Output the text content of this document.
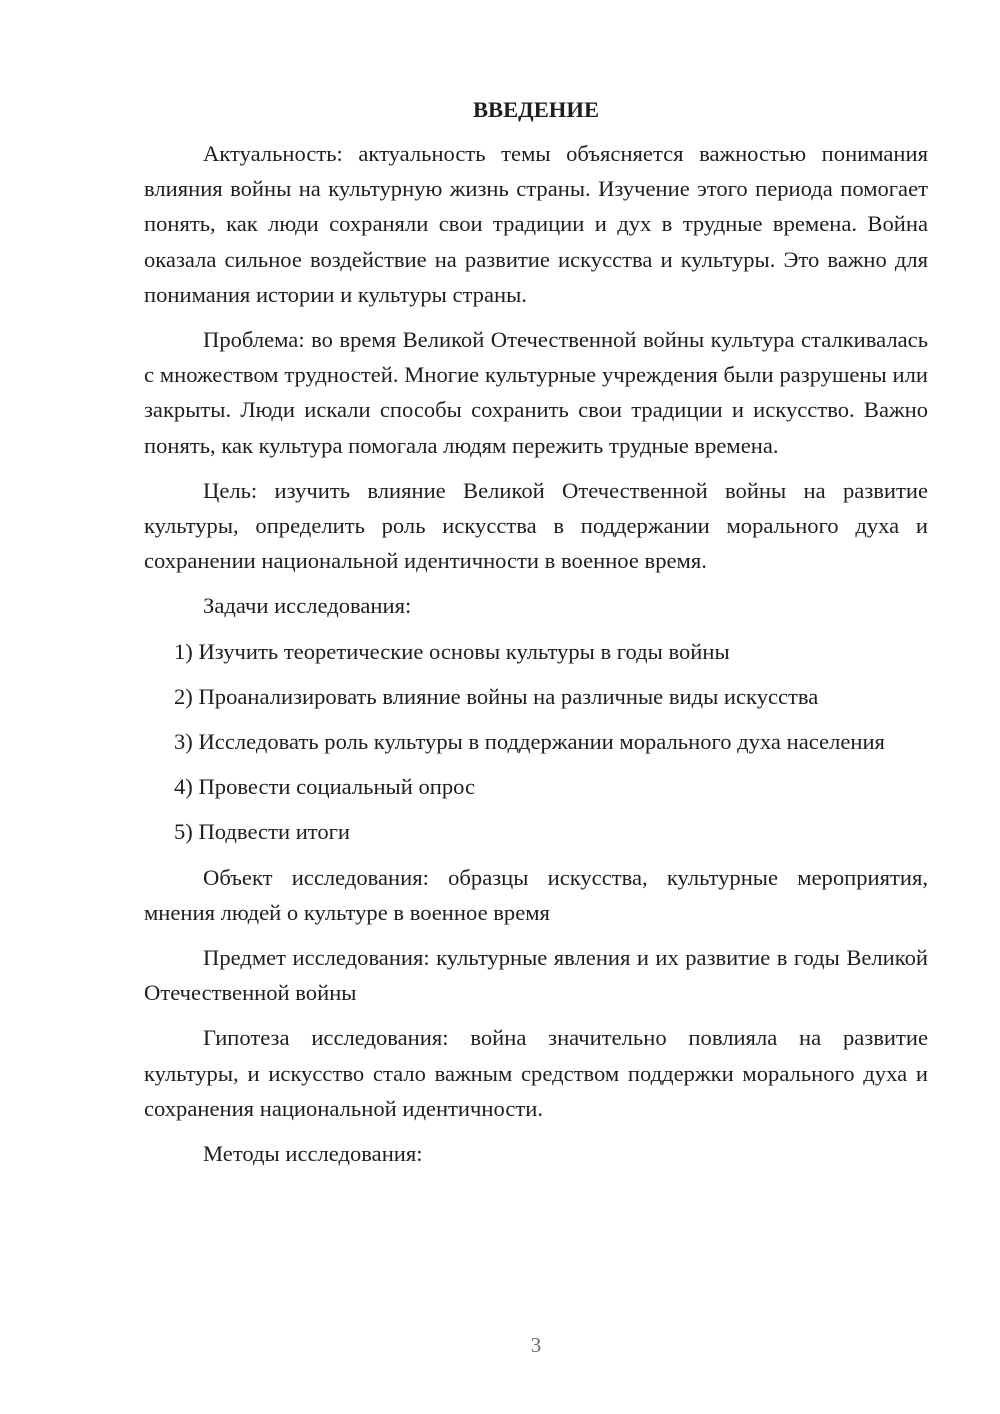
ВВЕДЕНИЕ

Актуальность: актуальность темы объясняется важностью понимания влияния войны на культурную жизнь страны. Изучение этого периода помогает понять, как люди сохраняли свои традиции и дух в трудные времена. Война оказала сильное воздействие на развитие искусства и культуры. Это важно для понимания истории и культуры страны.

Проблема: во время Великой Отечественной войны культура сталкивалась с множеством трудностей. Многие культурные учреждения были разрушены или закрыты. Люди искали способы сохранить свои традиции и искусство. Важно понять, как культура помогала людям пережить трудные времена.

Цель: изучить влияние Великой Отечественной войны на развитие культуры, определить роль искусства в поддержании морального духа и сохранении национальной идентичности в военное время.

Задачи исследования:

1) Изучить теоретические основы культуры в годы войны

2) Проанализировать влияние войны на различные виды искусства

3) Исследовать роль культуры в поддержании морального духа населения

4) Провести социальный опрос

5) Подвести итоги

Объект исследования: образцы искусства, культурные мероприятия, мнения людей о культуре в военное время

Предмет исследования: культурные явления и их развитие в годы Великой Отечественной войны

Гипотеза исследования: война значительно повлияла на развитие культуры, и искусство стало важным средством поддержки морального духа и сохранения национальной идентичности.

Методы исследования:

3
